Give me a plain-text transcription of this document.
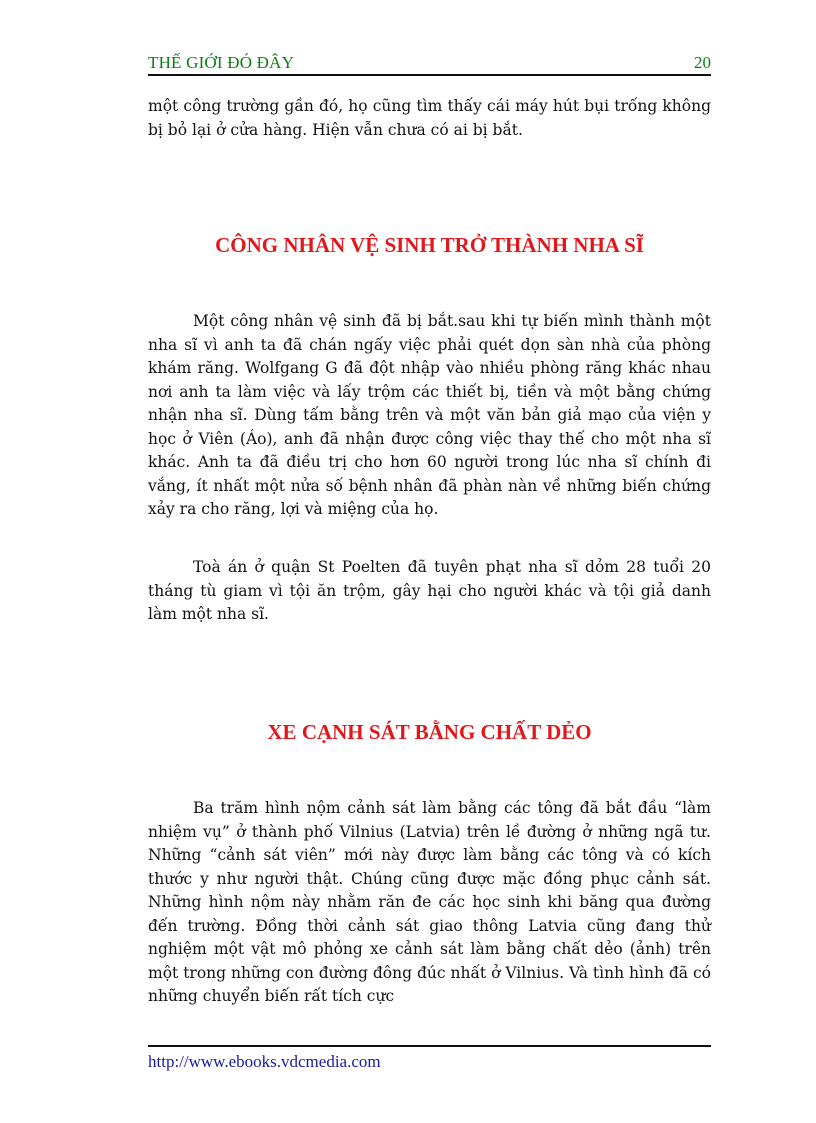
THẾ GIỚI ĐÓ ĐÂY	20

một công trường gần đó, họ cũng tìm thấy cái máy hút bụi trống không bị bỏ lại ở cửa hàng. Hiện vẫn chưa có ai bị bắt.

CÔNG NHÂN VỆ SINH TRỞ THÀNH NHA SĨ

Một công nhân vệ sinh đã bị bắt.sau khi tự biến mình thành một nha sĩ vì anh ta đã chán ngấy việc phải quét dọn sàn nhà của phòng khám răng. Wolfgang G đã đột nhập vào nhiều phòng răng khác nhau nơi anh ta làm việc và lấy trộm các thiết bị, tiền và một bằng chứng nhận nha sĩ. Dùng tấm bằng trên và một văn bản giả mạo của viện y học ở Viên (Áo), anh đã nhận được công việc thay thế cho một nha sĩ khác. Anh ta đã điều trị cho hơn 60 người trong lúc nha sĩ chính đi vắng, ít nhất một nửa số bệnh nhân đã phàn nàn về những biến chứng xảy ra cho răng, lợi và miệng của họ.

Toà án ở quận St Poelten đã tuyên phạt nha sĩ dỏm 28 tuổi 20 tháng tù giam vì tội ăn trộm, gây hại cho người khác và tội giả danh làm một nha sĩ.

XE CẠNH SÁT BẰNG CHẤT DẺO

Ba trăm hình nộm cảnh sát làm bằng các tông đã bắt đầu “làm nhiệm vụ” ở thành phố Vilnius (Latvia) trên lề đường ở những ngã tư. Những “cảnh sát viên” mới này được làm bằng các tông và có kích thước y như người thật. Chúng cũng được mặc đồng phục cảnh sát. Những hình nộm này nhằm răn đe các học sinh khi băng qua đường đến trường. Đồng thời cảnh sát giao thông Latvia cũng đang thử nghiệm một vật mô phỏng xe cảnh sát làm bằng chất dẻo (ảnh) trên một trong những con đường đông đúc nhất ở Vilnius. Và tình hình đã có những chuyển biến rất tích cực

http://www.ebooks.vdcmedia.com
